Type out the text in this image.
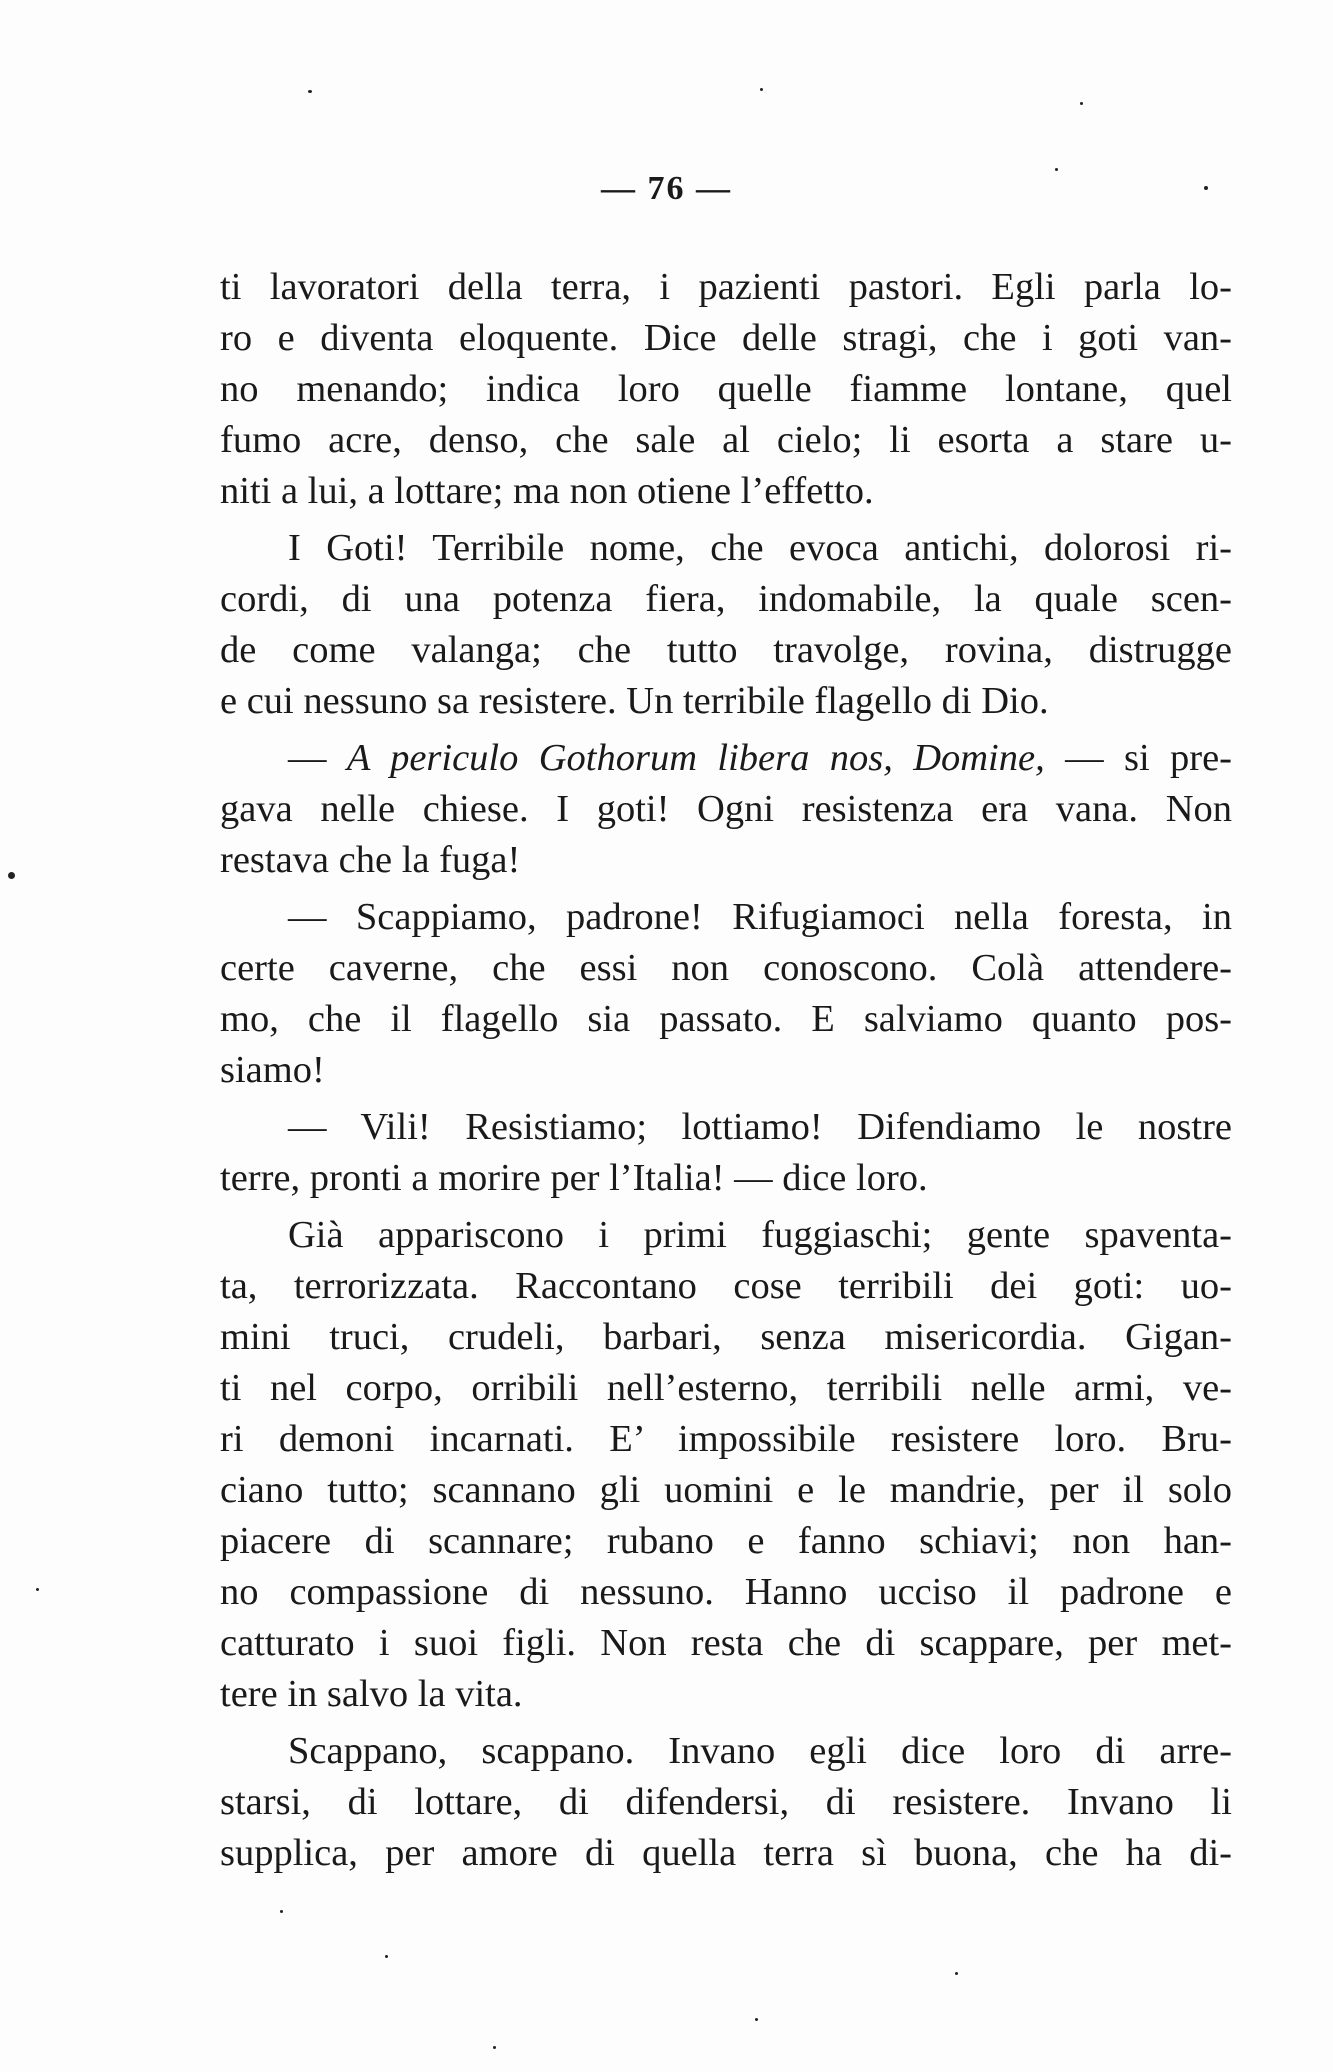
— 76 —
ti lavoratori della terra, i pazienti pastori. Egli parla lo-
ro e diventa eloquente. Dice delle stragi, che i goti van-
no menando; indica loro quelle fiamme lontane, quel
fumo acre, denso, che sale al cielo; li esorta a stare u-
niti a lui, a lottare; ma non otiene l’effetto.
I Goti! Terribile nome, che evoca antichi, dolorosi ri-
cordi, di una potenza fiera, indomabile, la quale scen-
de come valanga; che tutto travolge, rovina, distrugge
e cui nessuno sa resistere. Un terribile flagello di Dio.
— A periculo Gothorum libera nos, Domine, — si pre-
gava nelle chiese. I goti! Ogni resistenza era vana. Non
restava che la fuga!
— Scappiamo, padrone! Rifugiamoci nella foresta, in
certe caverne, che essi non conoscono. Colà attendere-
mo, che il flagello sia passato. E salviamo quanto pos-
siamo!
— Vili! Resistiamo; lottiamo! Difendiamo le nostre
terre, pronti a morire per l’Italia! — dice loro.
Già appariscono i primi fuggiaschi; gente spaventa-
ta, terrorizzata. Raccontano cose terribili dei goti: uo-
mini truci, crudeli, barbari, senza misericordia. Gigan-
ti nel corpo, orribili nell’esterno, terribili nelle armi, ve-
ri demoni incarnati. E’ impossibile resistere loro. Bru-
ciano tutto; scannano gli uomini e le mandrie, per il solo
piacere di scannare; rubano e fanno schiavi; non han-
no compassione di nessuno. Hanno ucciso il padrone e
catturato i suoi figli. Non resta che di scappare, per met-
tere in salvo la vita.
Scappano, scappano. Invano egli dice loro di arre-
starsi, di lottare, di difendersi, di resistere. Invano li
supplica, per amore di quella terra sì buona, che ha di-
